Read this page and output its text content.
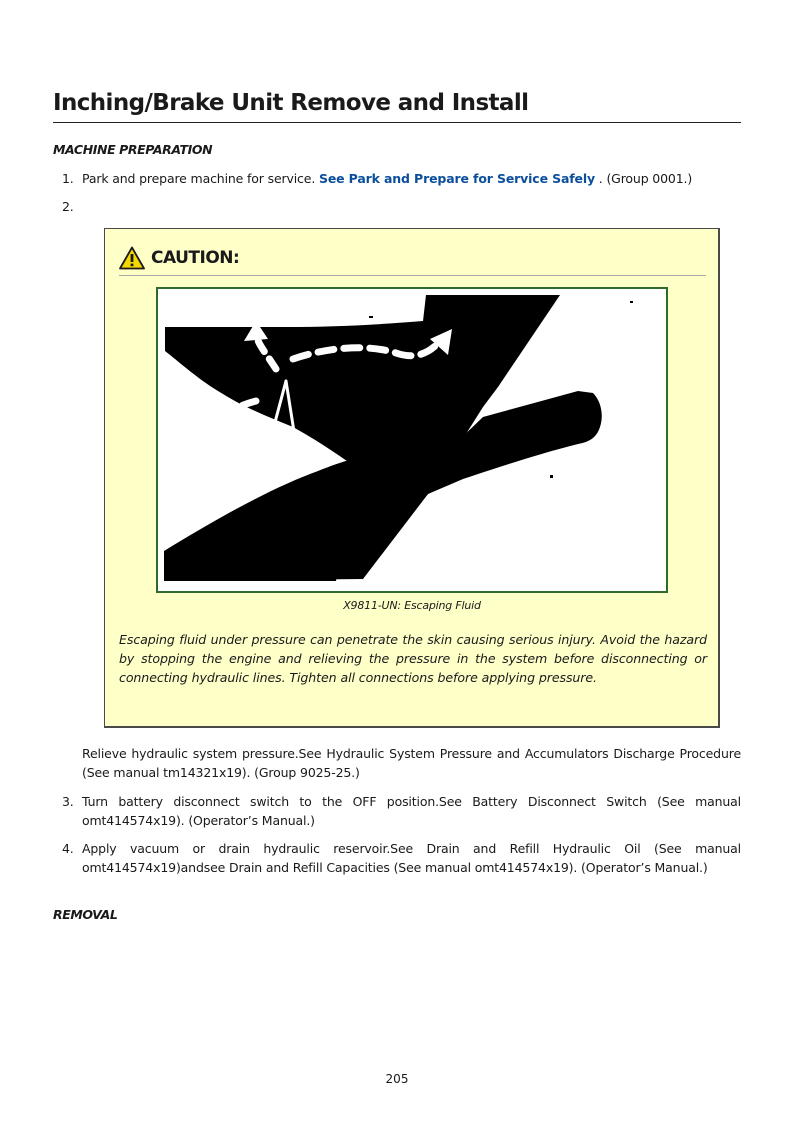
Inching/Brake Unit Remove and Install
MACHINE PREPARATION
1. Park and prepare machine for service. See Park and Prepare for Service Safely . (Group 0001.)
2.
CAUTION:
X9811-UN: Escaping Fluid
Escaping fluid under pressure can penetrate the skin causing serious injury. Avoid the hazard by stopping the engine and relieving the pressure in the system before disconnecting or connecting hydraulic lines. Tighten all connections before applying pressure.
Relieve hydraulic system pressure.See Hydraulic System Pressure and Accumulators Discharge Procedure (See manual tm14321x19). (Group 9025-25.)
3. Turn battery disconnect switch to the OFF position.See Battery Disconnect Switch (See manual omt414574x19). (Operator’s Manual.)
4. Apply vacuum or drain hydraulic reservoir.See Drain and Refill Hydraulic Oil (See manual omt414574x19)andsee Drain and Refill Capacities (See manual omt414574x19). (Operator’s Manual.)
REMOVAL
205
